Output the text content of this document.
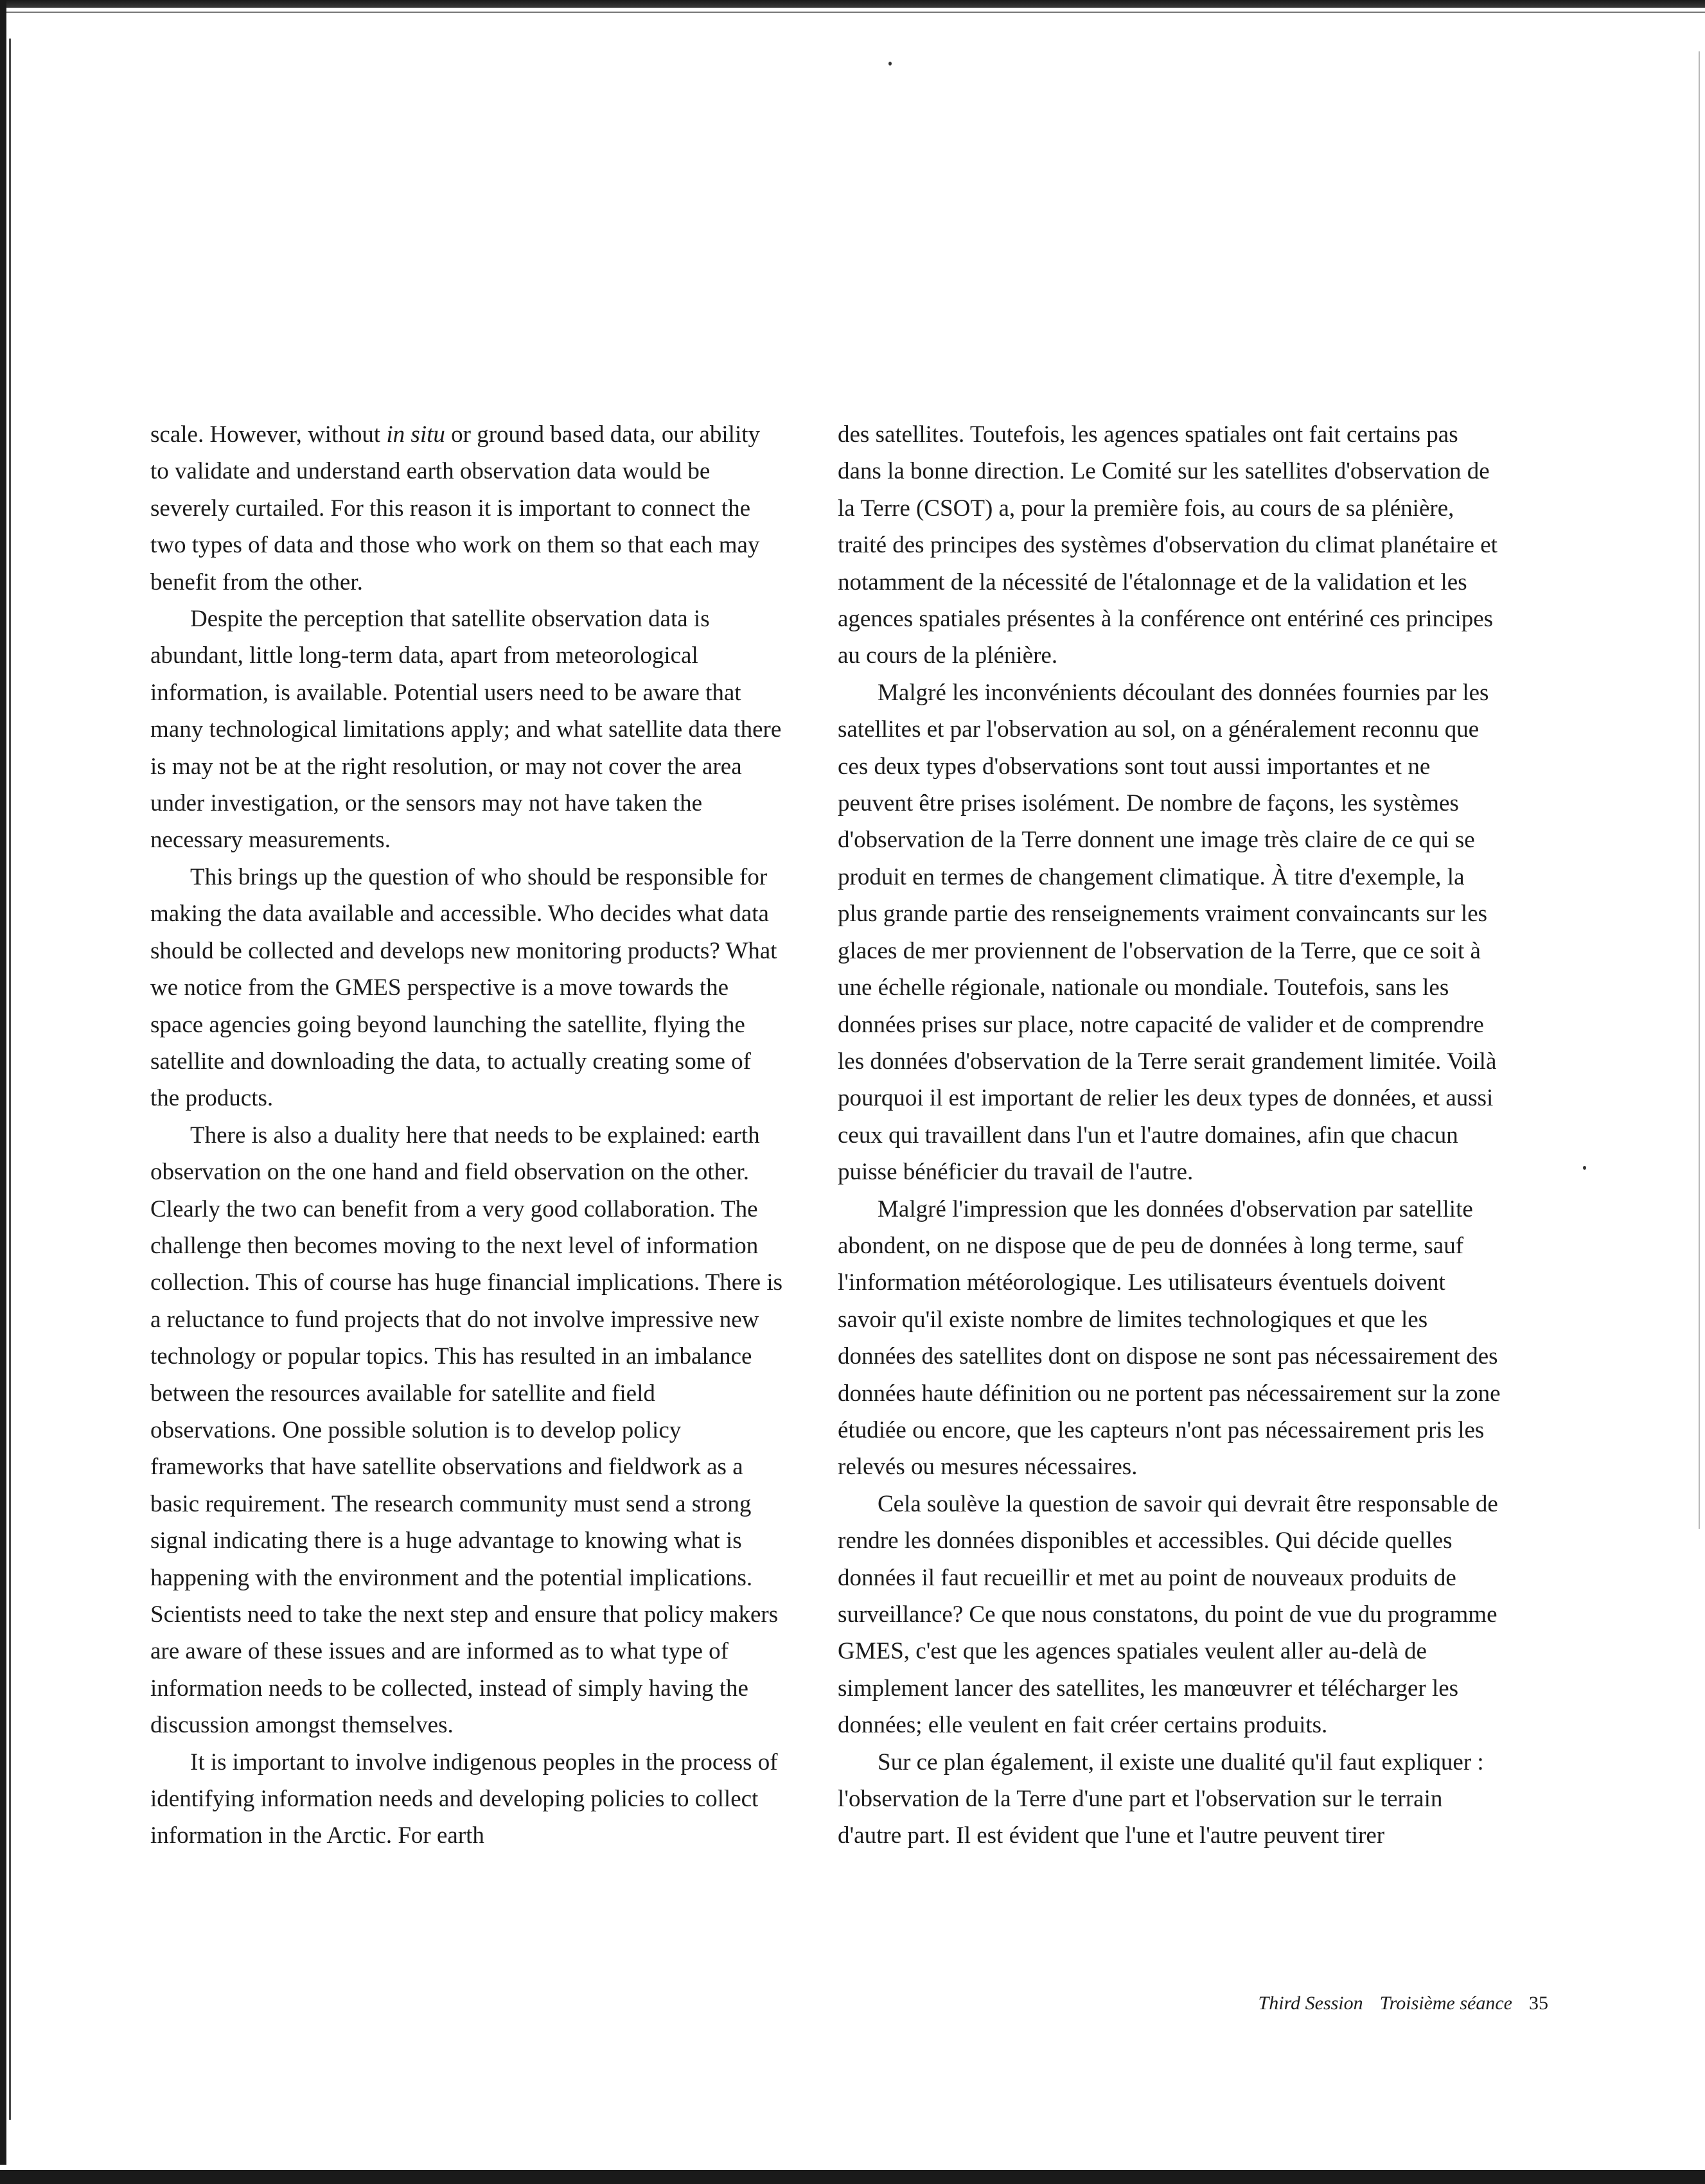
scale. However, without in situ or ground based data, our ability to validate and understand earth observation data would be severely curtailed. For this reason it is important to connect the two types of data and those who work on them so that each may benefit from the other.

Despite the perception that satellite observation data is abundant, little long-term data, apart from meteorological information, is available. Potential users need to be aware that many technological limitations apply; and what satellite data there is may not be at the right resolution, or may not cover the area under investigation, or the sensors may not have taken the necessary measurements.

This brings up the question of who should be responsible for making the data available and accessible. Who decides what data should be collected and develops new monitoring products? What we notice from the GMES perspective is a move towards the space agencies going beyond launching the satellite, flying the satellite and downloading the data, to actually creating some of the products.

There is also a duality here that needs to be explained: earth observation on the one hand and field observation on the other. Clearly the two can benefit from a very good collaboration. The challenge then becomes moving to the next level of information collection. This of course has huge financial implications. There is a reluctance to fund projects that do not involve impressive new technology or popular topics. This has resulted in an imbalance between the resources available for satellite and field observations. One possible solution is to develop policy frameworks that have satellite observations and fieldwork as a basic requirement. The research community must send a strong signal indicating there is a huge advantage to knowing what is happening with the environment and the potential implications. Scientists need to take the next step and ensure that policy makers are aware of these issues and are informed as to what type of information needs to be collected, instead of simply having the discussion amongst themselves.

It is important to involve indigenous peoples in the process of identifying information needs and developing policies to collect information in the Arctic. For earth

des satellites. Toutefois, les agences spatiales ont fait certains pas dans la bonne direction. Le Comité sur les satellites d'observation de la Terre (CSOT) a, pour la première fois, au cours de sa plénière, traité des principes des systèmes d'observation du climat planétaire et notamment de la nécessité de l'étalonnage et de la validation et les agences spatiales présentes à la conférence ont entériné ces principes au cours de la plénière.

Malgré les inconvénients découlant des données fournies par les satellites et par l'observation au sol, on a généralement reconnu que ces deux types d'observations sont tout aussi importantes et ne peuvent être prises isolément. De nombre de façons, les systèmes d'observation de la Terre donnent une image très claire de ce qui se produit en termes de changement climatique. À titre d'exemple, la plus grande partie des renseignements vraiment convaincants sur les glaces de mer proviennent de l'observation de la Terre, que ce soit à une échelle régionale, nationale ou mondiale. Toutefois, sans les données prises sur place, notre capacité de valider et de comprendre les données d'observation de la Terre serait grandement limitée. Voilà pourquoi il est important de relier les deux types de données, et aussi ceux qui travaillent dans l'un et l'autre domaines, afin que chacun puisse bénéficier du travail de l'autre.

Malgré l'impression que les données d'observation par satellite abondent, on ne dispose que de peu de données à long terme, sauf l'information météorologique. Les utilisateurs éventuels doivent savoir qu'il existe nombre de limites technologiques et que les données des satellites dont on dispose ne sont pas nécessairement des données haute définition ou ne portent pas nécessairement sur la zone étudiée ou encore, que les capteurs n'ont pas nécessairement pris les relevés ou mesures nécessaires.

Cela soulève la question de savoir qui devrait être responsable de rendre les données disponibles et accessibles. Qui décide quelles données il faut recueillir et met au point de nouveaux produits de surveillance? Ce que nous constatons, du point de vue du programme GMES, c'est que les agences spatiales veulent aller au-delà de simplement lancer des satellites, les manœuvrer et télécharger les données; elle veulent en fait créer certains produits.

Sur ce plan également, il existe une dualité qu'il faut expliquer : l'observation de la Terre d'une part et l'observation sur le terrain d'autre part. Il est évident que l'une et l'autre peuvent tirer

Third Session Troisième séance 35
